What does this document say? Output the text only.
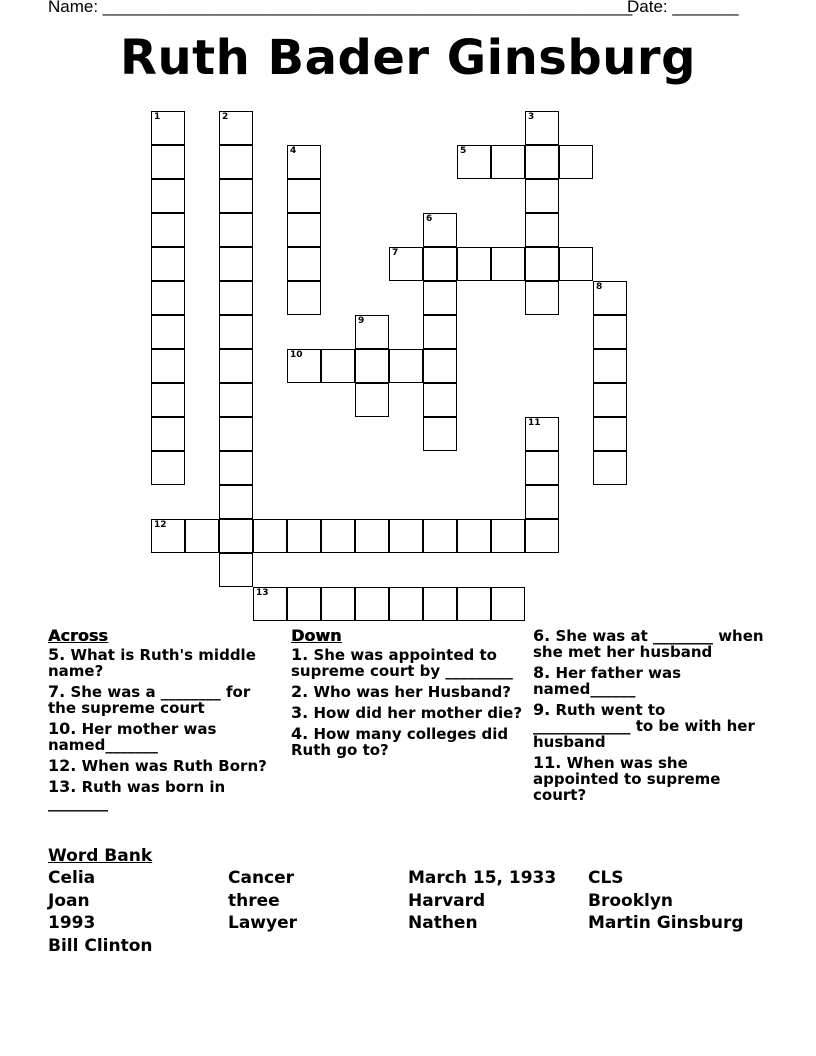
Name: ________________________________________________________
Date: _______
Ruth Bader Ginsburg
1	2	3
4	5
6
7
8
9
10
11
12
13
Across
5. What is Ruth's middle name?
7. She was a ________ for the supreme court
10. Her mother was named_______
12. When was Ruth Born?
13. Ruth was born in ________
Down
1. She was appointed to supreme court by _________
2. Who was her Husband?
3. How did her mother die?
4. How many colleges did Ruth go to?
6. She was at ________ when she met her husband
8. Her father was named______
9. Ruth went to _____________ to be with her husband
11. When was she appointed to supreme court?
Word Bank
Celia	Cancer	March 15, 1933	CLS
Joan	three	Harvard	Brooklyn
1993	Lawyer	Nathen	Martin Ginsburg
Bill Clinton
